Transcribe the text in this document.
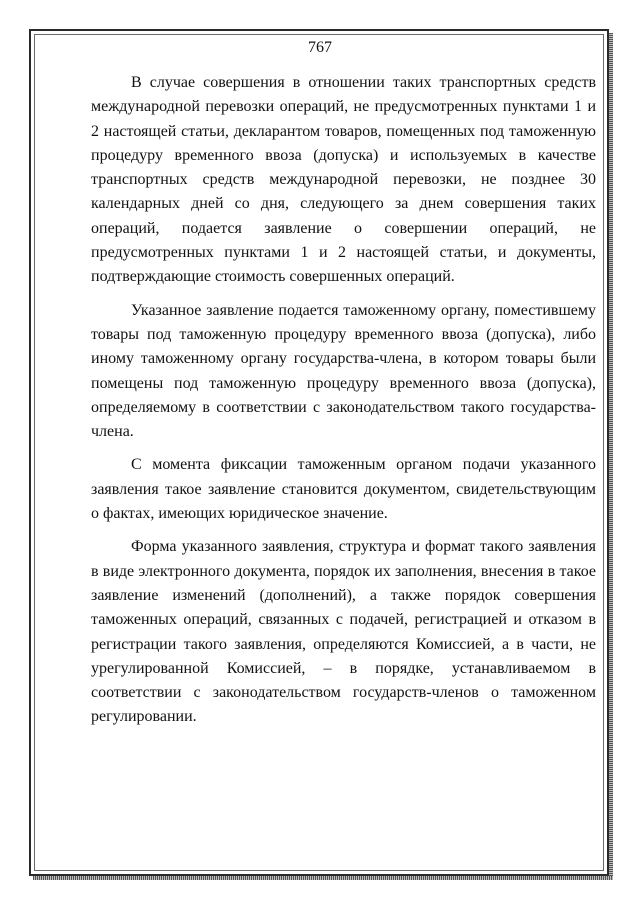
767

В случае совершения в отношении таких транспортных средств международной перевозки операций, не предусмотренных пунктами 1 и 2 настоящей статьи, декларантом товаров, помещенных под таможенную процедуру временного ввоза (допуска) и используемых в качестве транспортных средств международной перевозки, не позднее 30 календарных дней со дня, следующего за днем совершения таких операций, подается заявление о совершении операций, не предусмотренных пунктами 1 и 2 настоящей статьи, и документы, подтверждающие стоимость совершенных операций.

Указанное заявление подается таможенному органу, поместившему товары под таможенную процедуру временного ввоза (допуска), либо иному таможенному органу государства-члена, в котором товары были помещены под таможенную процедуру временного ввоза (допуска), определяемому в соответствии с законодательством такого государства-члена.

С момента фиксации таможенным органом подачи указанного заявления такое заявление становится документом, свидетельствующим о фактах, имеющих юридическое значение.

Форма указанного заявления, структура и формат такого заявления в виде электронного документа, порядок их заполнения, внесения в такое заявление изменений (дополнений), а также порядок совершения таможенных операций, связанных с подачей, регистрацией и отказом в регистрации такого заявления, определяются Комиссией, а в части, не урегулированной Комиссией, – в порядке, устанавливаемом в соответствии с законодательством государств-членов о таможенном регулировании.
